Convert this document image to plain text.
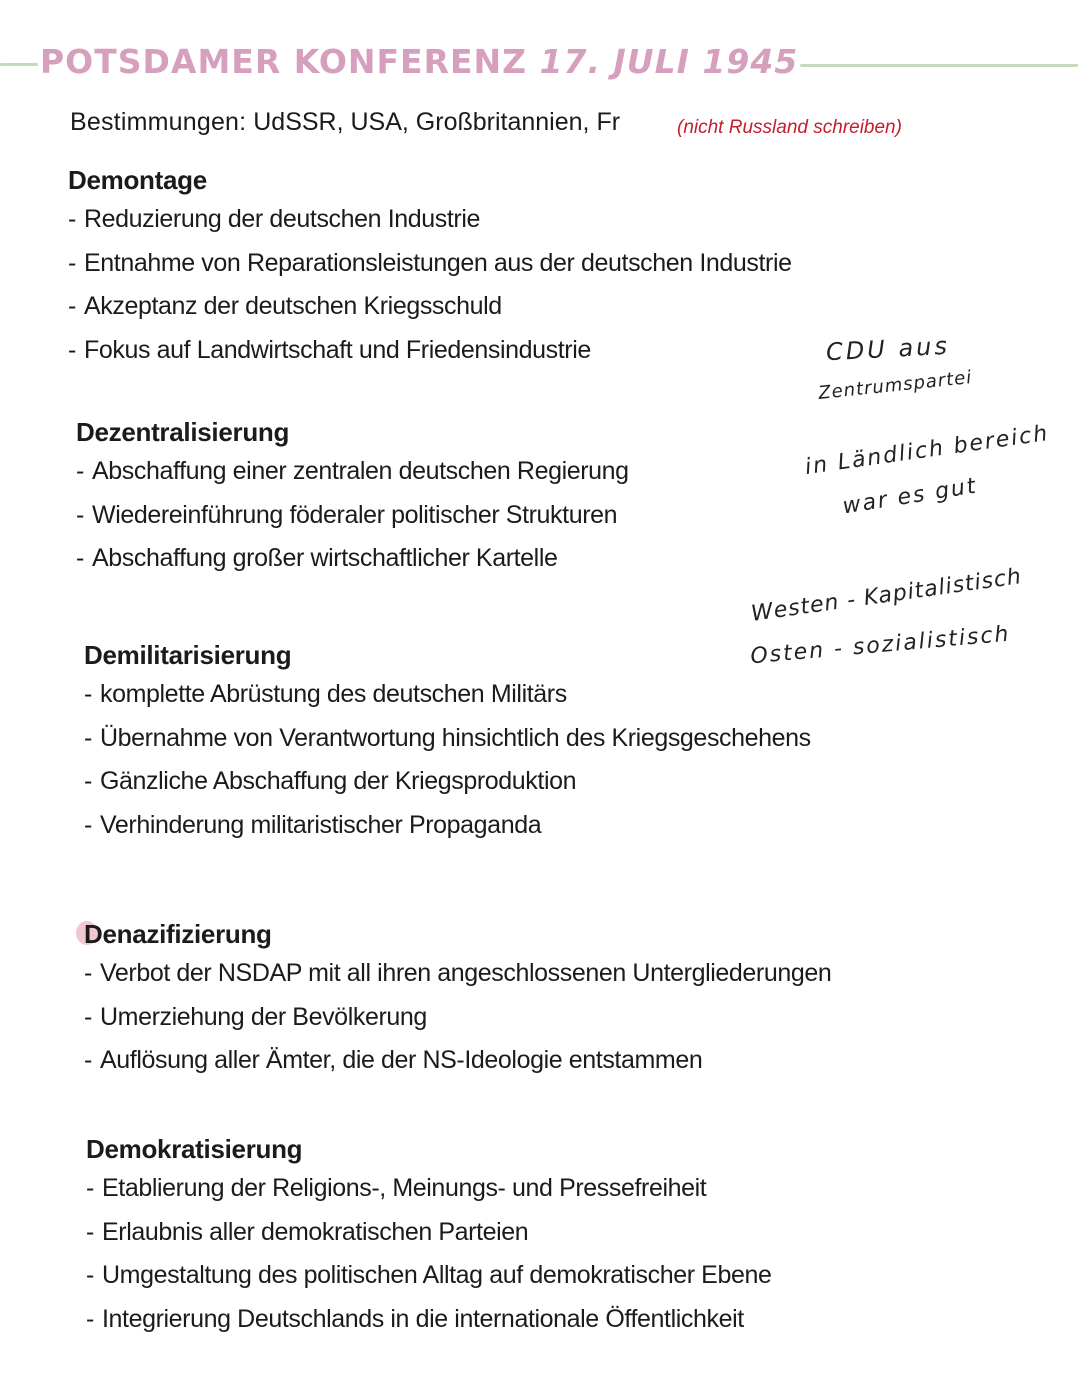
POTSDAMER KONFERENZ 17. JULI 1945
Bestimmungen: UdSSR, USA, Großbritannien, Fr	(nicht Russland schreiben)
Demontage
- Reduzierung der deutschen Industrie
- Entnahme von Reparationsleistungen aus der deutschen Industrie
- Akzeptanz der deutschen Kriegsschuld
- Fokus auf Landwirtschaft und Friedensindustrie
Dezentralisierung
- Abschaffung einer zentralen deutschen Regierung
- Wiedereinführung föderaler politischer Strukturen
- Abschaffung großer wirtschaftlicher Kartelle
Demilitarisierung
- komplette Abrüstung des deutschen Militärs
- Übernahme von Verantwortung hinsichtlich des Kriegsgeschehens
- Gänzliche Abschaffung der Kriegsproduktion
- Verhinderung militaristischer Propaganda
Denazifizierung
- Verbot der NSDAP mit all ihren angeschlossenen Untergliederungen
- Umerziehung der Bevölkerung
- Auflösung aller Ämter, die der NS-Ideologie entstammen
Demokratisierung
- Etablierung der Religions-, Meinungs- und Pressefreiheit
- Erlaubnis aller demokratischen Parteien
- Umgestaltung des politischen Alltag auf demokratischer Ebene
- Integrierung Deutschlands in die internationale Öffentlichkeit
CDU aus
Zentrumspartei
in Ländlich bereich
war es gut
Westen - Kapitalistisch
Osten - sozialistisch
